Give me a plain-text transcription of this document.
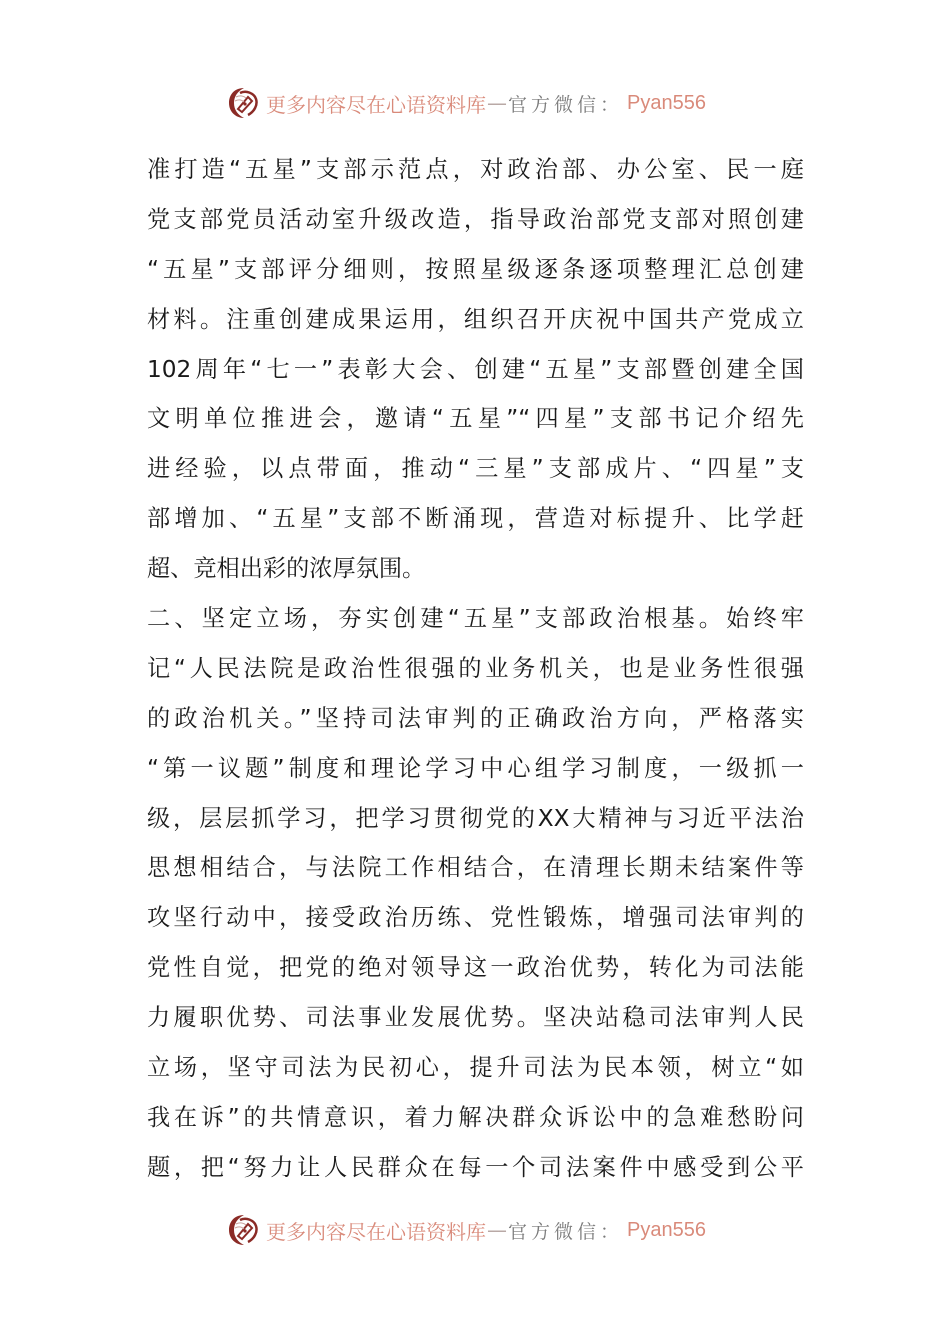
更多内容尽在心语资料库 — 官方微信： Pyan556
准打造“五星”支部示范点，对政治部、办公室、民一庭
党支部党员活动室升级改造，指导政治部党支部对照创建
“五星”支部评分细则，按照星级逐条逐项整理汇总创建
材料。注重创建成果运用，组织召开庆祝中国共产党成立
102周年“七一”表彰大会、创建“五星”支部暨创建全国
文明单位推进会，邀请“五星”“四星”支部书记介绍先
进经验，以点带面，推动“三星”支部成片、“四星”支
部增加、“五星”支部不断涌现，营造对标提升、比学赶
超、竞相出彩的浓厚氛围。
二、坚定立场，夯实创建“五星”支部政治根基。始终牢
记“人民法院是政治性很强的业务机关，也是业务性很强
的政治机关。”坚持司法审判的正确政治方向，严格落实
“第一议题”制度和理论学习中心组学习制度，一级抓一
级，层层抓学习，把学习贯彻党的XX大精神与习近平法治
思想相结合，与法院工作相结合，在清理长期未结案件等
攻坚行动中，接受政治历练、党性锻炼，增强司法审判的
党性自觉，把党的绝对领导这一政治优势，转化为司法能
力履职优势、司法事业发展优势。坚决站稳司法审判人民
立场，坚守司法为民初心，提升司法为民本领，树立“如
我在诉”的共情意识，着力解决群众诉讼中的急难愁盼问
题，把“努力让人民群众在每一个司法案件中感受到公平
更多内容尽在心语资料库 — 官方微信： Pyan556
